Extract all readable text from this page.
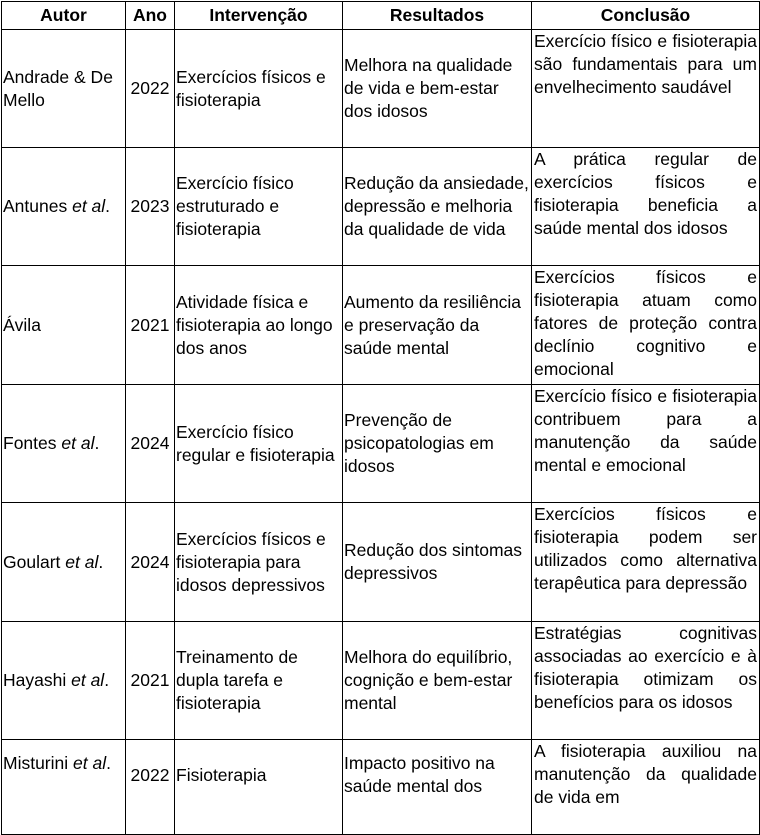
Autor	Ano	Intervenção	Resultados	Conclusão
Andrade & De Mello	2022	Exercícios físicos e fisioterapia	Melhora na qualidade de vida e bem-estar dos idosos	Exercício físico e fisioterapia são fundamentais para um envelhecimento saudável
Antunes et al.	2023	Exercício físico estruturado e fisioterapia	Redução da ansiedade, depressão e melhoria da qualidade de vida	A prática regular de exercícios físicos e fisioterapia beneficia a saúde mental dos idosos
Ávila	2021	Atividade física e fisioterapia ao longo dos anos	Aumento da resiliência e preservação da saúde mental	Exercícios físicos e fisioterapia atuam como fatores de proteção contra declínio cognitivo e emocional
Fontes et al.	2024	Exercício físico regular e fisioterapia	Prevenção de psicopatologias em idosos	Exercício físico e fisioterapia contribuem para a manutenção da saúde mental e emocional
Goulart et al.	2024	Exercícios físicos e fisioterapia para idosos depressivos	Redução dos sintomas depressivos	Exercícios físicos e fisioterapia podem ser utilizados como alternativa terapêutica para depressão
Hayashi et al.	2021	Treinamento de dupla tarefa e fisioterapia	Melhora do equilíbrio, cognição e bem-estar mental	Estratégias cognitivas associadas ao exercício e à fisioterapia otimizam os benefícios para os idosos
Misturini et al.	2022	Fisioterapia	Impacto positivo na saúde mental dos	A fisioterapia auxiliou na manutenção da qualidade de vida em
